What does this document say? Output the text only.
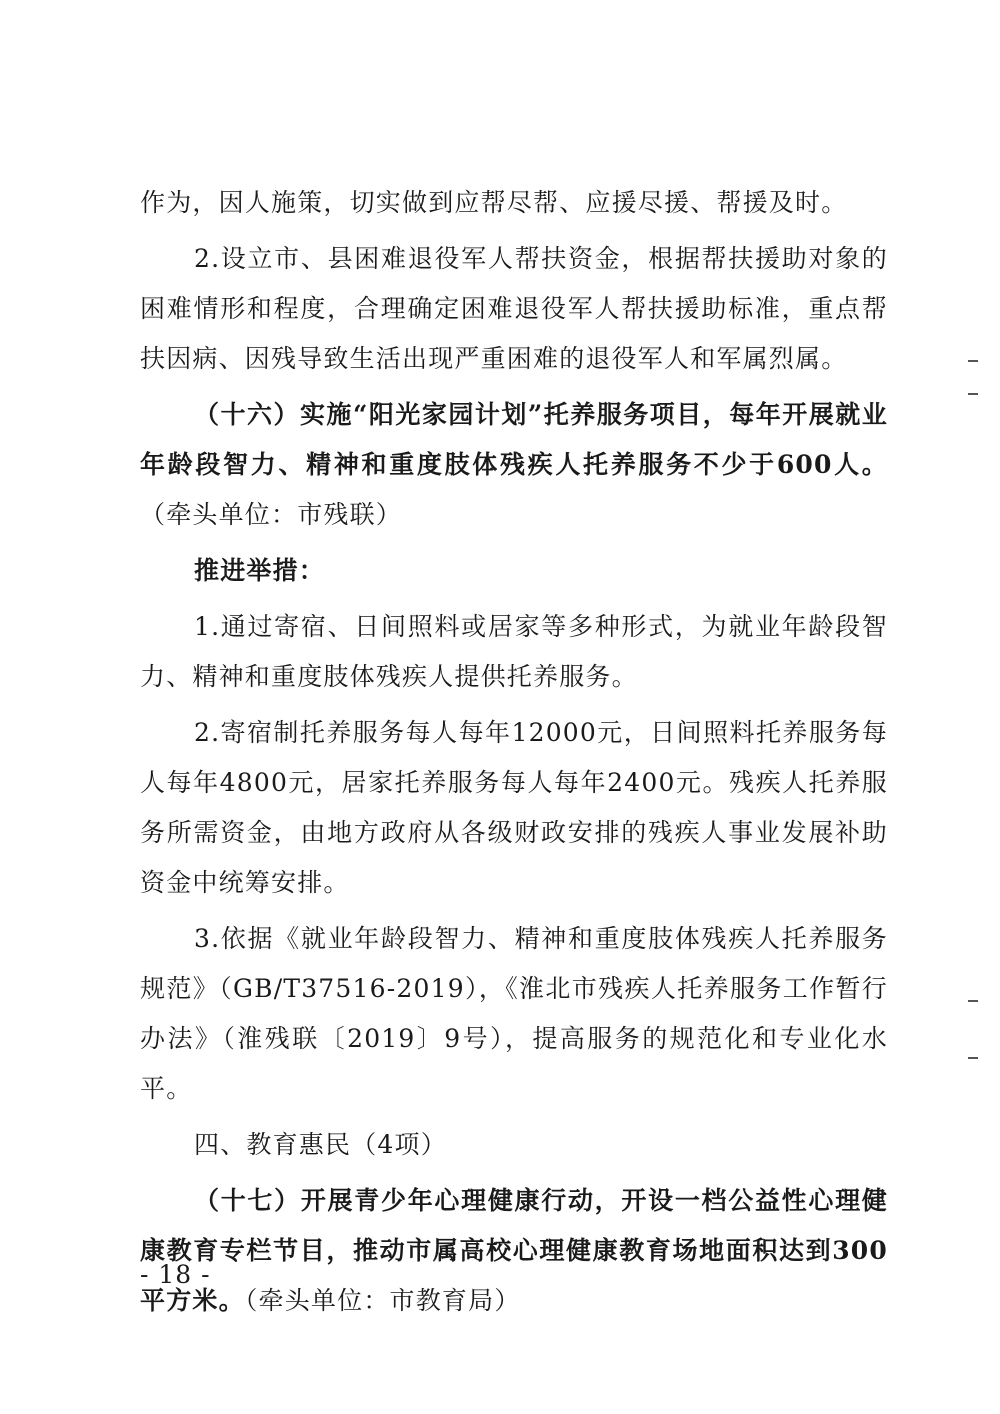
作为，因人施策，切实做到应帮尽帮、应援尽援、帮援及时。

2.设立市、县困难退役军人帮扶资金，根据帮扶援助对象的困难情形和程度，合理确定困难退役军人帮扶援助标准，重点帮扶因病、因残导致生活出现严重困难的退役军人和军属烈属。

（十六）实施“阳光家园计划”托养服务项目，每年开展就业年龄段智力、精神和重度肢体残疾人托养服务不少于600人。（牵头单位：市残联）

推进举措：

1.通过寄宿、日间照料或居家等多种形式，为就业年龄段智力、精神和重度肢体残疾人提供托养服务。

2.寄宿制托养服务每人每年12000元，日间照料托养服务每人每年4800元，居家托养服务每人每年2400元。残疾人托养服务所需资金，由地方政府从各级财政安排的残疾人事业发展补助资金中统筹安排。

3.依据《就业年龄段智力、精神和重度肢体残疾人托养服务规范》（GB/T37516-2019），《淮北市残疾人托养服务工作暂行办法》（淮残联〔2019〕9号），提高服务的规范化和专业化水平。

四、教育惠民（4项）

（十七）开展青少年心理健康行动，开设一档公益性心理健康教育专栏节目，推动市属高校心理健康教育场地面积达到300平方米。（牵头单位：市教育局）

- 18 -
